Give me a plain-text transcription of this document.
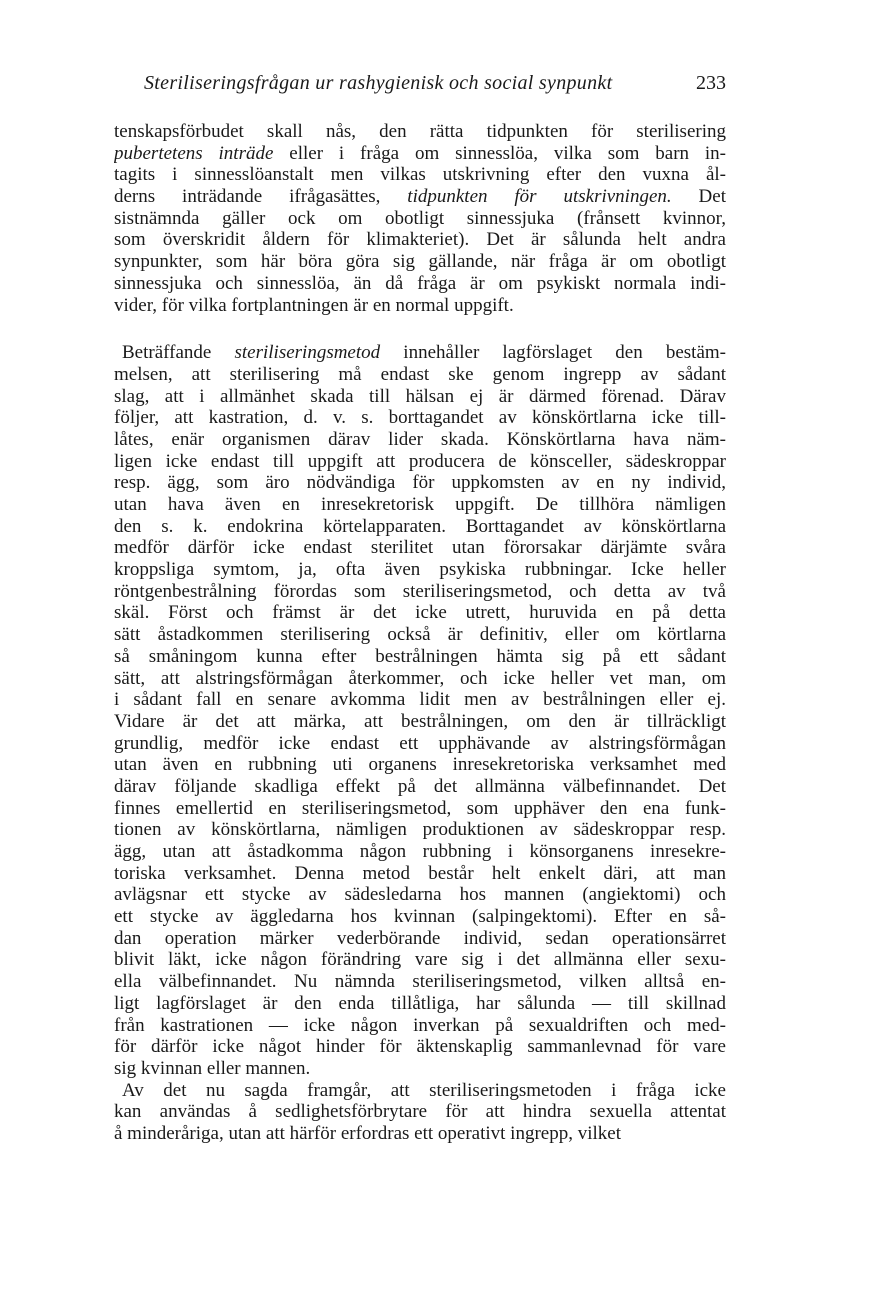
Steriliseringsfrågan ur rashygienisk och social synpunkt	233
tenskapsförbudet skall nås, den rätta tidpunkten för sterilisering
pubertetens inträde eller i fråga om sinnesslöa, vilka som barn in-
tagits i sinnesslöanstalt men vilkas utskrivning efter den vuxna ål-
derns inträdande ifrågasättes, tidpunkten för utskrivningen. Det
sistnämnda gäller ock om obotligt sinnessjuka (frånsett kvinnor,
som överskridit åldern för klimakteriet). Det är sålunda helt andra
synpunkter, som här böra göra sig gällande, när fråga är om obotligt
sinnessjuka och sinnesslöa, än då fråga är om psykiskt normala indi-
vider, för vilka fortplantningen är en normal uppgift.
Beträffande steriliseringsmetod innehåller lagförslaget den bestäm-
melsen, att sterilisering må endast ske genom ingrepp av sådant
slag, att i allmänhet skada till hälsan ej är därmed förenad. Därav
följer, att kastration, d. v. s. borttagandet av könskörtlarna icke till-
låtes, enär organismen därav lider skada. Könskörtlarna hava näm-
ligen icke endast till uppgift att producera de könsceller, sädeskroppar
resp. ägg, som äro nödvändiga för uppkomsten av en ny individ,
utan hava även en inresekretorisk uppgift. De tillhöra nämligen
den s. k. endokrina körtelapparaten. Borttagandet av könskörtlarna
medför därför icke endast sterilitet utan förorsakar därjämte svåra
kroppsliga symtom, ja, ofta även psykiska rubbningar. Icke heller
röntgenbestrålning förordas som steriliseringsmetod, och detta av två
skäl. Först och främst är det icke utrett, huruvida en på detta
sätt åstadkommen sterilisering också är definitiv, eller om körtlarna
så småningom kunna efter bestrålningen hämta sig på ett sådant
sätt, att alstringsförmågan återkommer, och icke heller vet man, om
i sådant fall en senare avkomma lidit men av bestrålningen eller ej.
Vidare är det att märka, att bestrålningen, om den är tillräckligt
grundlig, medför icke endast ett upphävande av alstringsförmågan
utan även en rubbning uti organens inresekretoriska verksamhet med
därav följande skadliga effekt på det allmänna välbefinnandet. Det
finnes emellertid en steriliseringsmetod, som upphäver den ena funk-
tionen av könskörtlarna, nämligen produktionen av sädeskroppar resp.
ägg, utan att åstadkomma någon rubbning i könsorganens inresekre-
toriska verksamhet. Denna metod består helt enkelt däri, att man
avlägsnar ett stycke av sädesledarna hos mannen (angiektomi) och
ett stycke av äggledarna hos kvinnan (salpingektomi). Efter en så-
dan operation märker vederbörande individ, sedan operationsärret
blivit läkt, icke någon förändring vare sig i det allmänna eller sexu-
ella välbefinnandet. Nu nämnda steriliseringsmetod, vilken alltså en-
ligt lagförslaget är den enda tillåtliga, har sålunda — till skillnad
från kastrationen — icke någon inverkan på sexualdriften och med-
för därför icke något hinder för äktenskaplig sammanlevnad för vare
sig kvinnan eller mannen.
Av det nu sagda framgår, att steriliseringsmetoden i fråga icke
kan användas å sedlighetsförbrytare för att hindra sexuella attentat
å minderåriga, utan att härför erfordras ett operativt ingrepp, vilket
